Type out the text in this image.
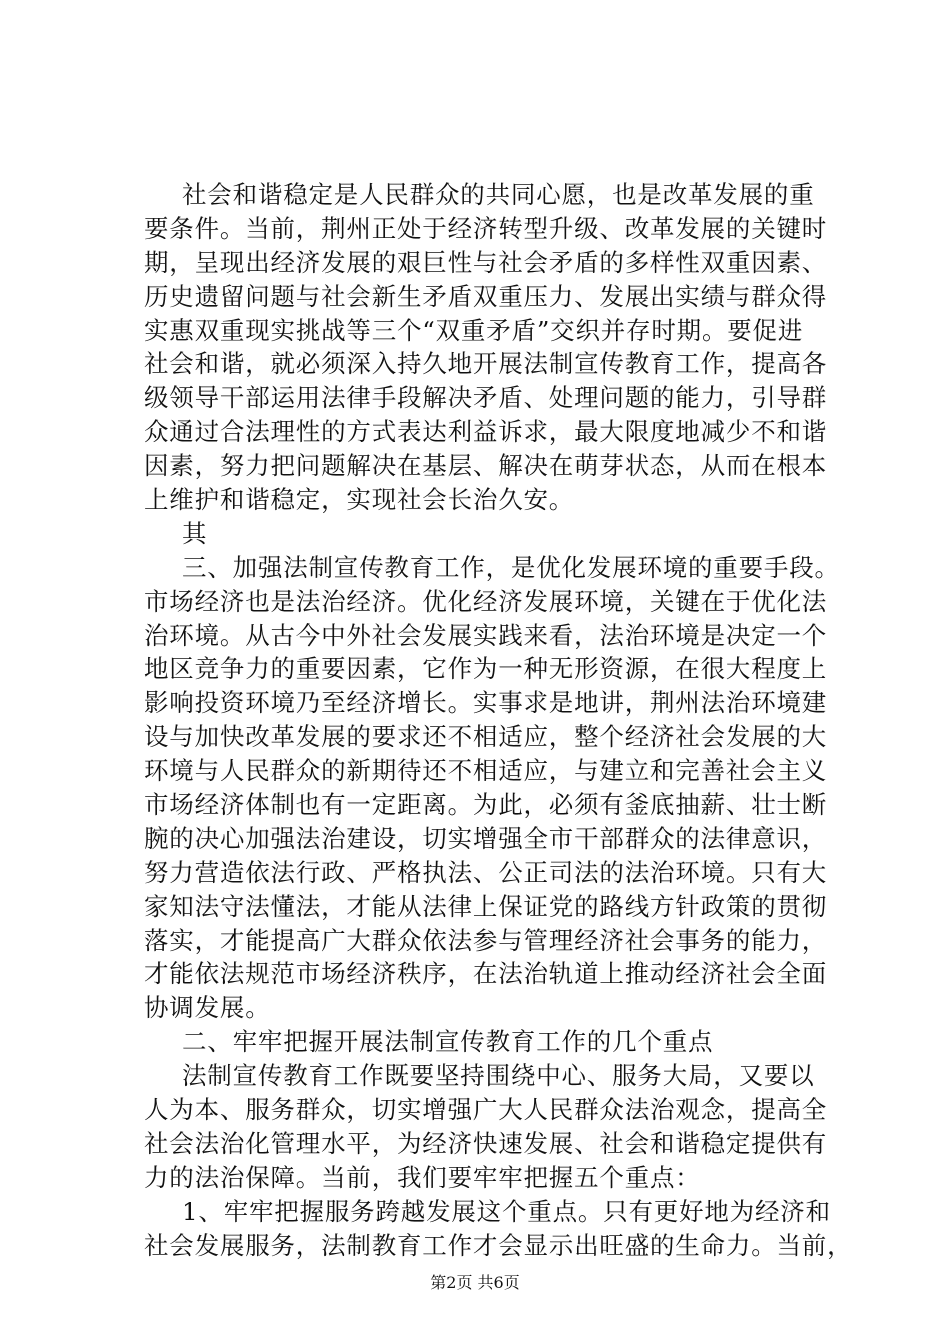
社会和谐稳定是人民群众的共同心愿，也是改革发展的重
要条件。当前，荆州正处于经济转型升级、改革发展的关键时
期，呈现出经济发展的艰巨性与社会矛盾的多样性双重因素、
历史遗留问题与社会新生矛盾双重压力、发展出实绩与群众得
实惠双重现实挑战等三个“双重矛盾”交织并存时期。要促进
社会和谐，就必须深入持久地开展法制宣传教育工作，提高各
级领导干部运用法律手段解决矛盾、处理问题的能力，引导群
众通过合法理性的方式表达利益诉求，最大限度地减少不和谐
因素，努力把问题解决在基层、解决在萌芽状态，从而在根本
上维护和谐稳定，实现社会长治久安。
其
三、加强法制宣传教育工作，是优化发展环境的重要手段。
市场经济也是法治经济。优化经济发展环境，关键在于优化法
治环境。从古今中外社会发展实践来看，法治环境是决定一个
地区竞争力的重要因素，它作为一种无形资源，在很大程度上
影响投资环境乃至经济增长。实事求是地讲，荆州法治环境建
设与加快改革发展的要求还不相适应，整个经济社会发展的大
环境与人民群众的新期待还不相适应，与建立和完善社会主义
市场经济体制也有一定距离。为此，必须有釜底抽薪、壮士断
腕的决心加强法治建设，切实增强全市干部群众的法律意识，
努力营造依法行政、严格执法、公正司法的法治环境。只有大
家知法守法懂法，才能从法律上保证党的路线方针政策的贯彻
落实，才能提高广大群众依法参与管理经济社会事务的能力，
才能依法规范市场经济秩序，在法治轨道上推动经济社会全面
协调发展。
二、牢牢把握开展法制宣传教育工作的几个重点
法制宣传教育工作既要坚持围绕中心、服务大局，又要以
人为本、服务群众，切实增强广大人民群众法治观念，提高全
社会法治化管理水平，为经济快速发展、社会和谐稳定提供有
力的法治保障。当前，我们要牢牢把握五个重点：
1、牢牢把握服务跨越发展这个重点。只有更好地为经济和
社会发展服务，法制教育工作才会显示出旺盛的生命力。当前，
第2页 共6页
